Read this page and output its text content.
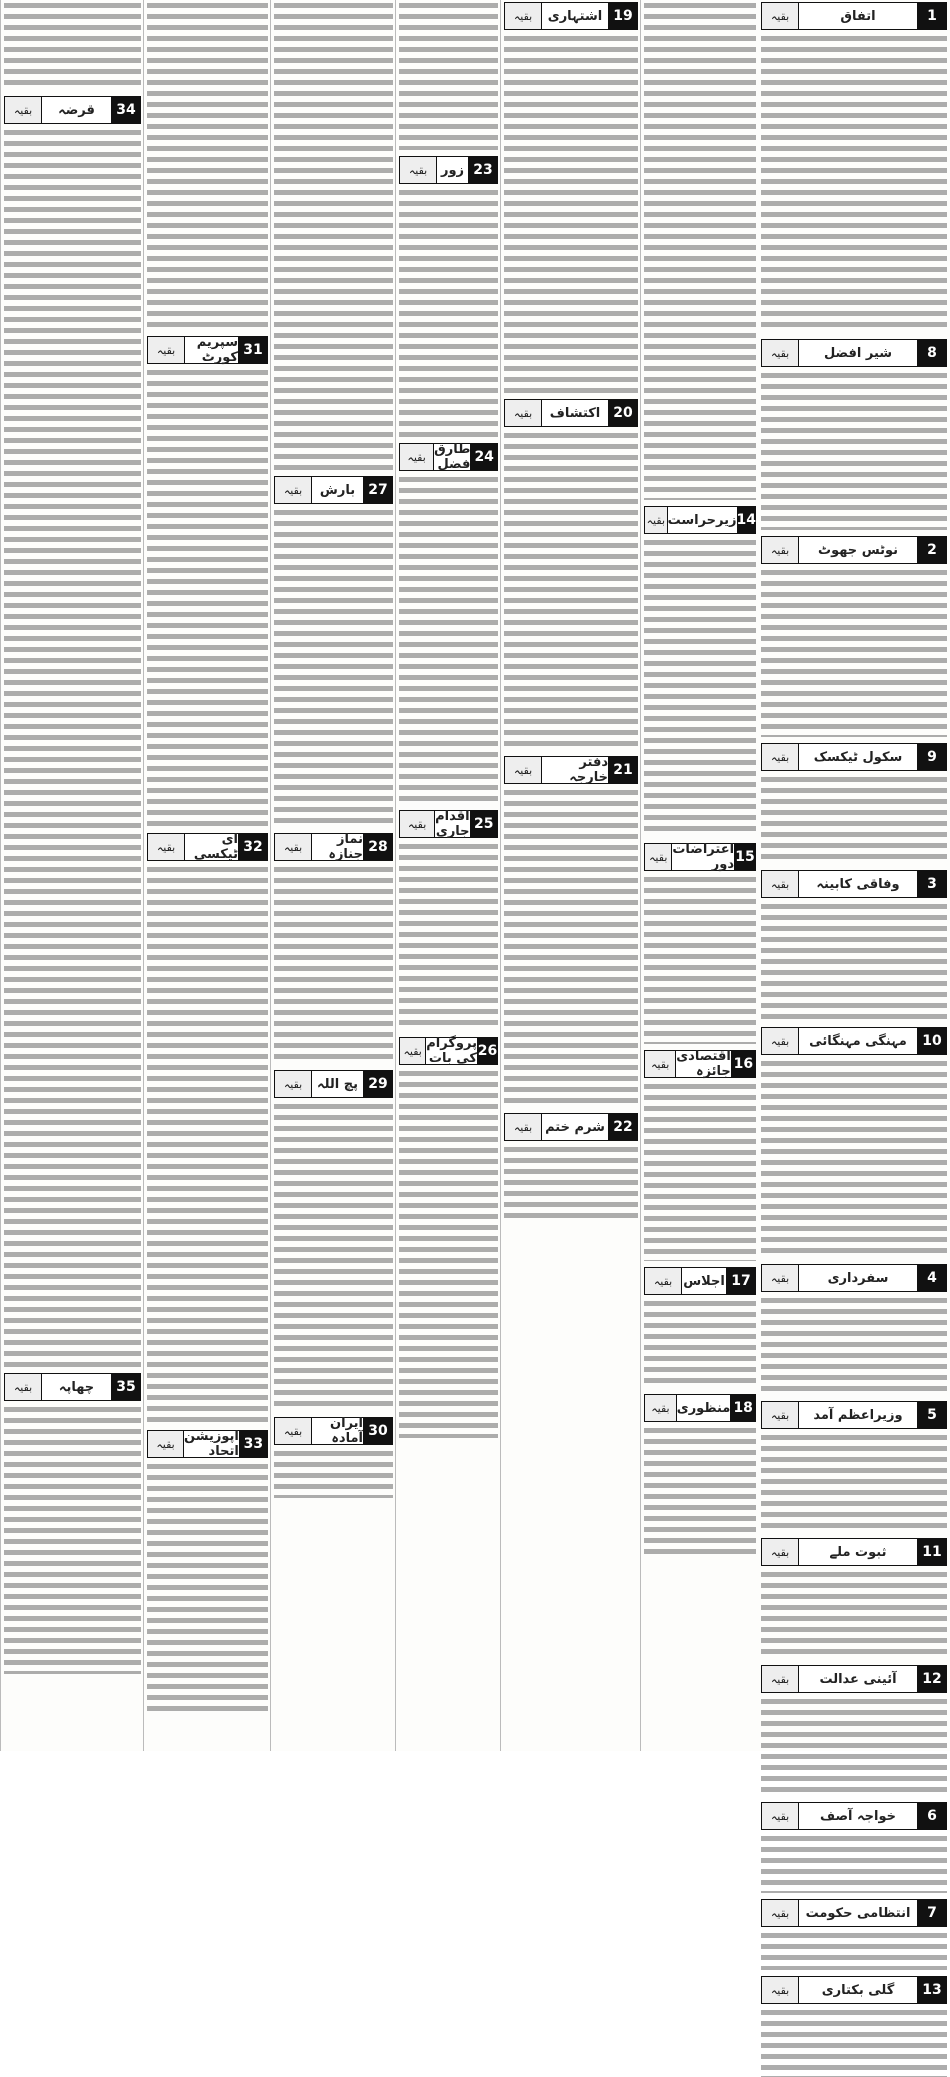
1
اتفاق
بقیہ
8
شیر افضل
بقیہ
2
نوٹس جھوٹ
بقیہ
9
سکول ٹیکسک
بقیہ
3
وفاقی کابینہ
بقیہ
10
مہنگی مہنگائی
بقیہ
4
سفرداری
بقیہ
5
وزیراعظم آمد
بقیہ
11
ثبوت ملے
بقیہ
12
آئینی عدالت
بقیہ
6
خواجہ آصف
بقیہ
7
انتظامی حکومت
بقیہ
13
گلی بکتاری
بقیہ
14
زیرحراست
بقیہ
15
اعتراضات دور
بقیہ
16
اقتصادی جائزہ
بقیہ
17
اجلاس
بقیہ
18
منظوری
بقیہ
19
اشتہاری
بقیہ
20
اکتشاف
بقیہ
21
دفتر خارجہ
بقیہ
22
شرم ختم
بقیہ
23
زور
بقیہ
24
طارق فضل
بقیہ
25
اقدام جاری
بقیہ
26
پروگرام کی بات
بقیہ
27
بارش
بقیہ
28
نماز جنازہ
بقیہ
29
پچ اللہ
بقیہ
30
ایران آمادہ
بقیہ
31
سپریم کورٹ
بقیہ
32
ای ٹیکسی
بقیہ
33
اپوزیشن اتحاد
بقیہ
34
قرضہ
بقیہ
35
چھاپہ
بقیہ
